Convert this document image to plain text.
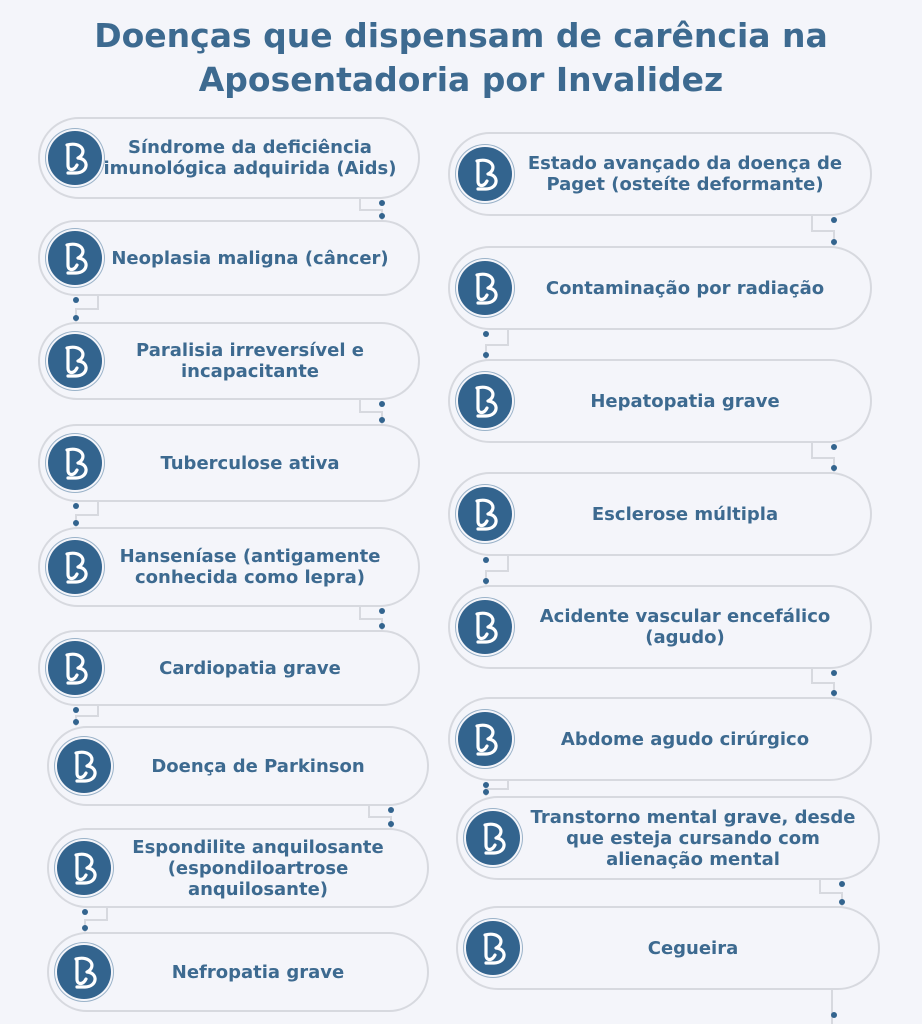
Doenças que dispensam de carência na
Aposentadoria por Invalidez
Síndrome da deficiência imunológica adquirida (Aids)
Neoplasia maligna (câncer)
Paralisia irreversível e incapacitante
Tuberculose ativa
Hanseníase (antigamente conhecida como lepra)
Cardiopatia grave
Doença de Parkinson
Espondilite anquilosante (espondiloartrose anquilosante)
Nefropatia grave
Estado avançado da doença de Paget (osteíte deformante)
Contaminação por radiação
Hepatopatia grave
Esclerose múltipla
Acidente vascular encefálico (agudo)
Abdome agudo cirúrgico
Transtorno mental grave, desde que esteja cursando com alienação mental
Cegueira
